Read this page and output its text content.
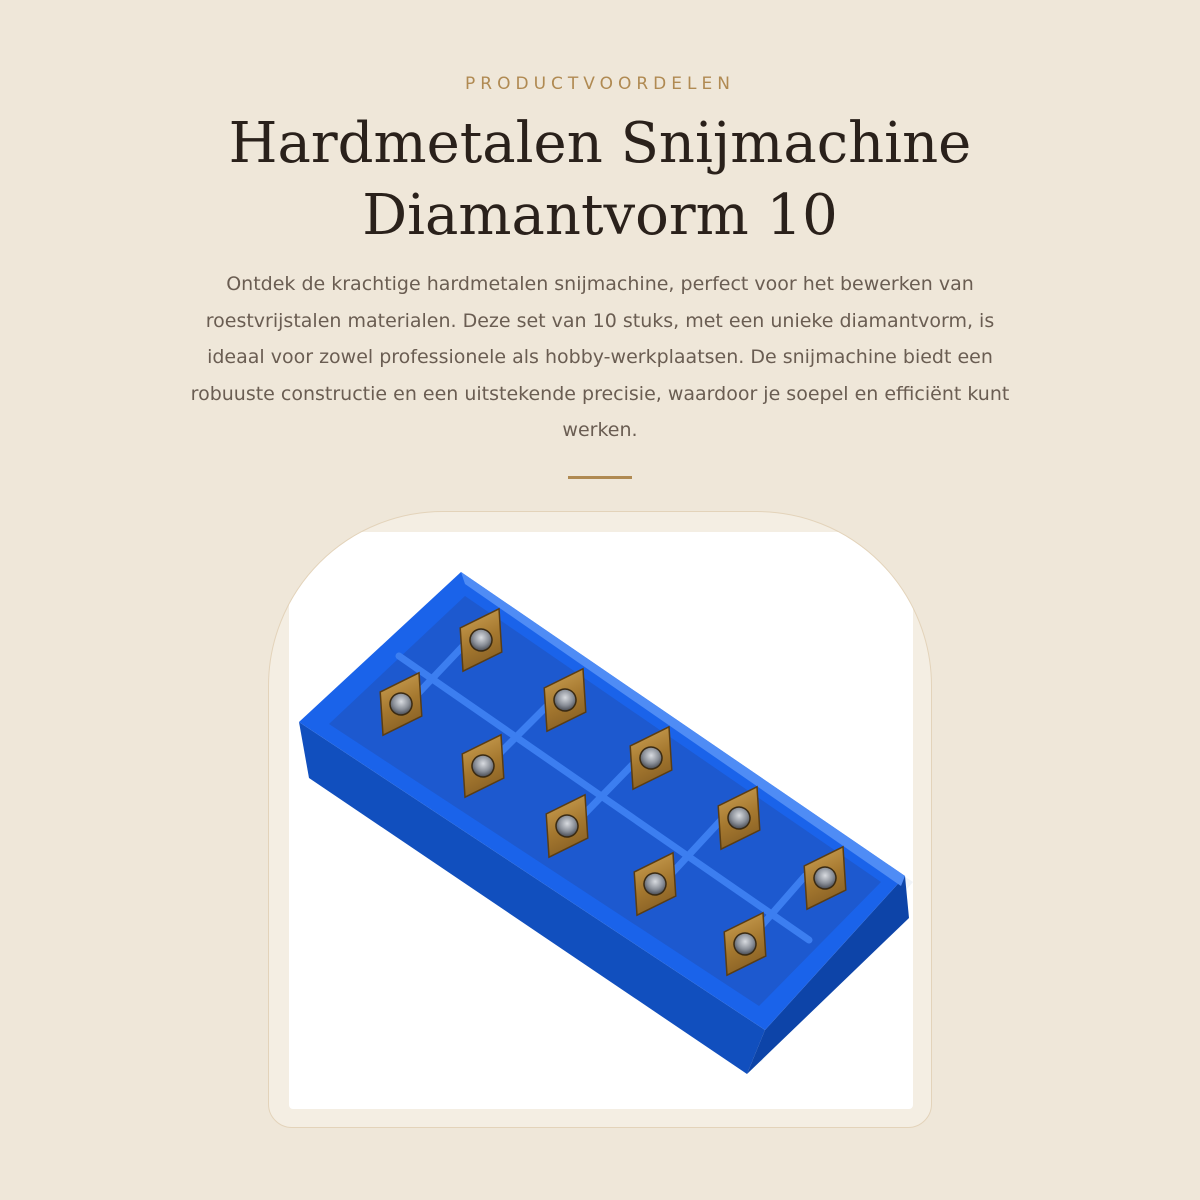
PRODUCTVOORDELEN

Hardmetalen Snijmachine
Diamantvorm 10

Ontdek de krachtige hardmetalen snijmachine, perfect voor het bewerken van roestvrijstalen materialen. Deze set van 10 stuks, met een unieke diamantvorm, is ideaal voor zowel professionele als hobby-werkplaatsen. De snijmachine biedt een robuuste constructie en een uitstekende precisie, waardoor je soepel en efficiënt kunt werken.
